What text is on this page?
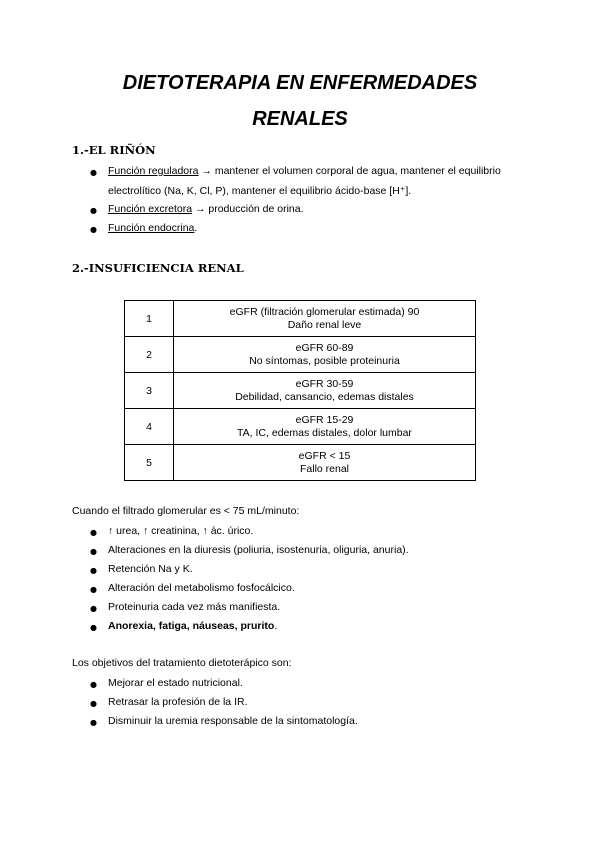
DIETOTERAPIA EN ENFERMEDADES
RENALES
1.-EL RIÑÓN
● Función reguladora → mantener el volumen corporal de agua, mantener el equilibrio
electrolítico (Na, K, Cl, P), mantener el equilibrio ácido-base [H⁺].
● Función excretora → producción de orina.
● Función endocrina.
2.-INSUFICIENCIA RENAL
1	eGFR (filtración glomerular estimada) 90
Daño renal leve

2	eGFR 60-89
No síntomas, posible proteinuria

3	eGFR 30-59
Debilidad, cansancio, edemas distales

4	eGFR 15-29
TA, IC, edemas distales, dolor lumbar

5	eGFR < 15
Fallo renal
Cuando el filtrado glomerular es < 75 mL/minuto:
● ↑ urea, ↑ creatinina, ↑ ác. úrico.
● Alteraciones en la diuresis (poliuria, isostenuria, oliguria, anuria).
● Retención Na y K.
● Alteración del metabolismo fosfocálcico.
● Proteinuria cada vez más manifiesta.
● Anorexia, fatiga, náuseas, prurito.
Los objetivos del tratamiento dietoterápico son:
● Mejorar el estado nutricional.
● Retrasar la profesión de la IR.
● Disminuir la uremia responsable de la sintomatología.
